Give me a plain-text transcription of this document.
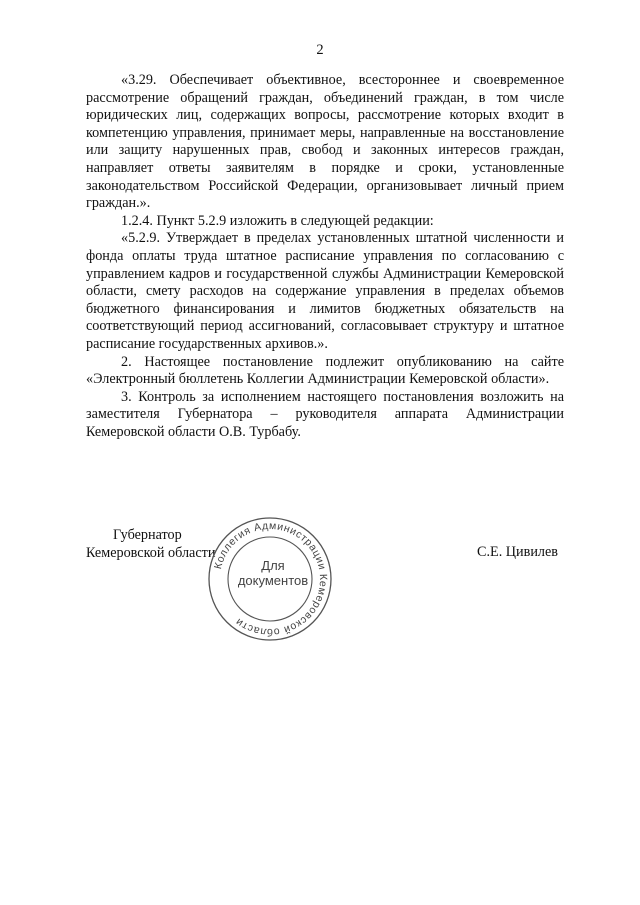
2

«3.29. Обеспечивает объективное, всестороннее и своевременное рассмотрение обращений граждан, объединений граждан, в том числе юридических лиц, содержащих вопросы, рассмотрение которых входит в компетенцию управления, принимает меры, направленные на восстановление или защиту нарушенных прав, свобод и законных интересов граждан, направляет ответы заявителям в порядке и сроки, установленные законодательством Российской Федерации, организовывает личный прием граждан.».

1.2.4. Пункт 5.2.9 изложить в следующей редакции:

«5.2.9. Утверждает в пределах установленных штатной численности и фонда оплаты труда штатное расписание управления по согласованию с управлением кадров и государственной службы Администрации Кемеровской области, смету расходов на содержание управления в пределах объемов бюджетного финансирования и лимитов бюджетных обязательств на соответствующий период ассигнований, согласовывает структуру и штатное расписание государственных архивов.».

2. Настоящее постановление подлежит опубликованию на сайте «Электронный бюллетень Коллегии Администрации Кемеровской области».

3. Контроль за исполнением настоящего постановления возложить на заместителя Губернатора – руководителя аппарата Администрации Кемеровской области О.В. Турбабу.

Губернатор
Кемеровской области
Коллегия Администрации Кемеровской области
Для
документов
С.Е. Цивилев
